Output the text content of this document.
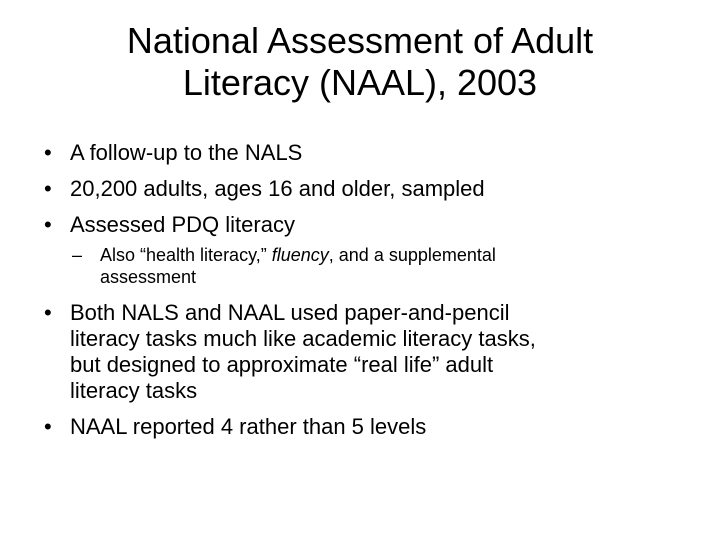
National Assessment of Adult
Literacy (NAAL), 2003
• A follow-up to the NALS
• 20,200 adults, ages 16 and older, sampled
• Assessed PDQ literacy
– Also “health literacy,” fluency, and a supplemental
assessment
• Both NALS and NAAL used paper-and-pencil
literacy tasks much like academic literacy tasks,
but designed to approximate “real life” adult
literacy tasks
• NAAL reported 4 rather than 5 levels
